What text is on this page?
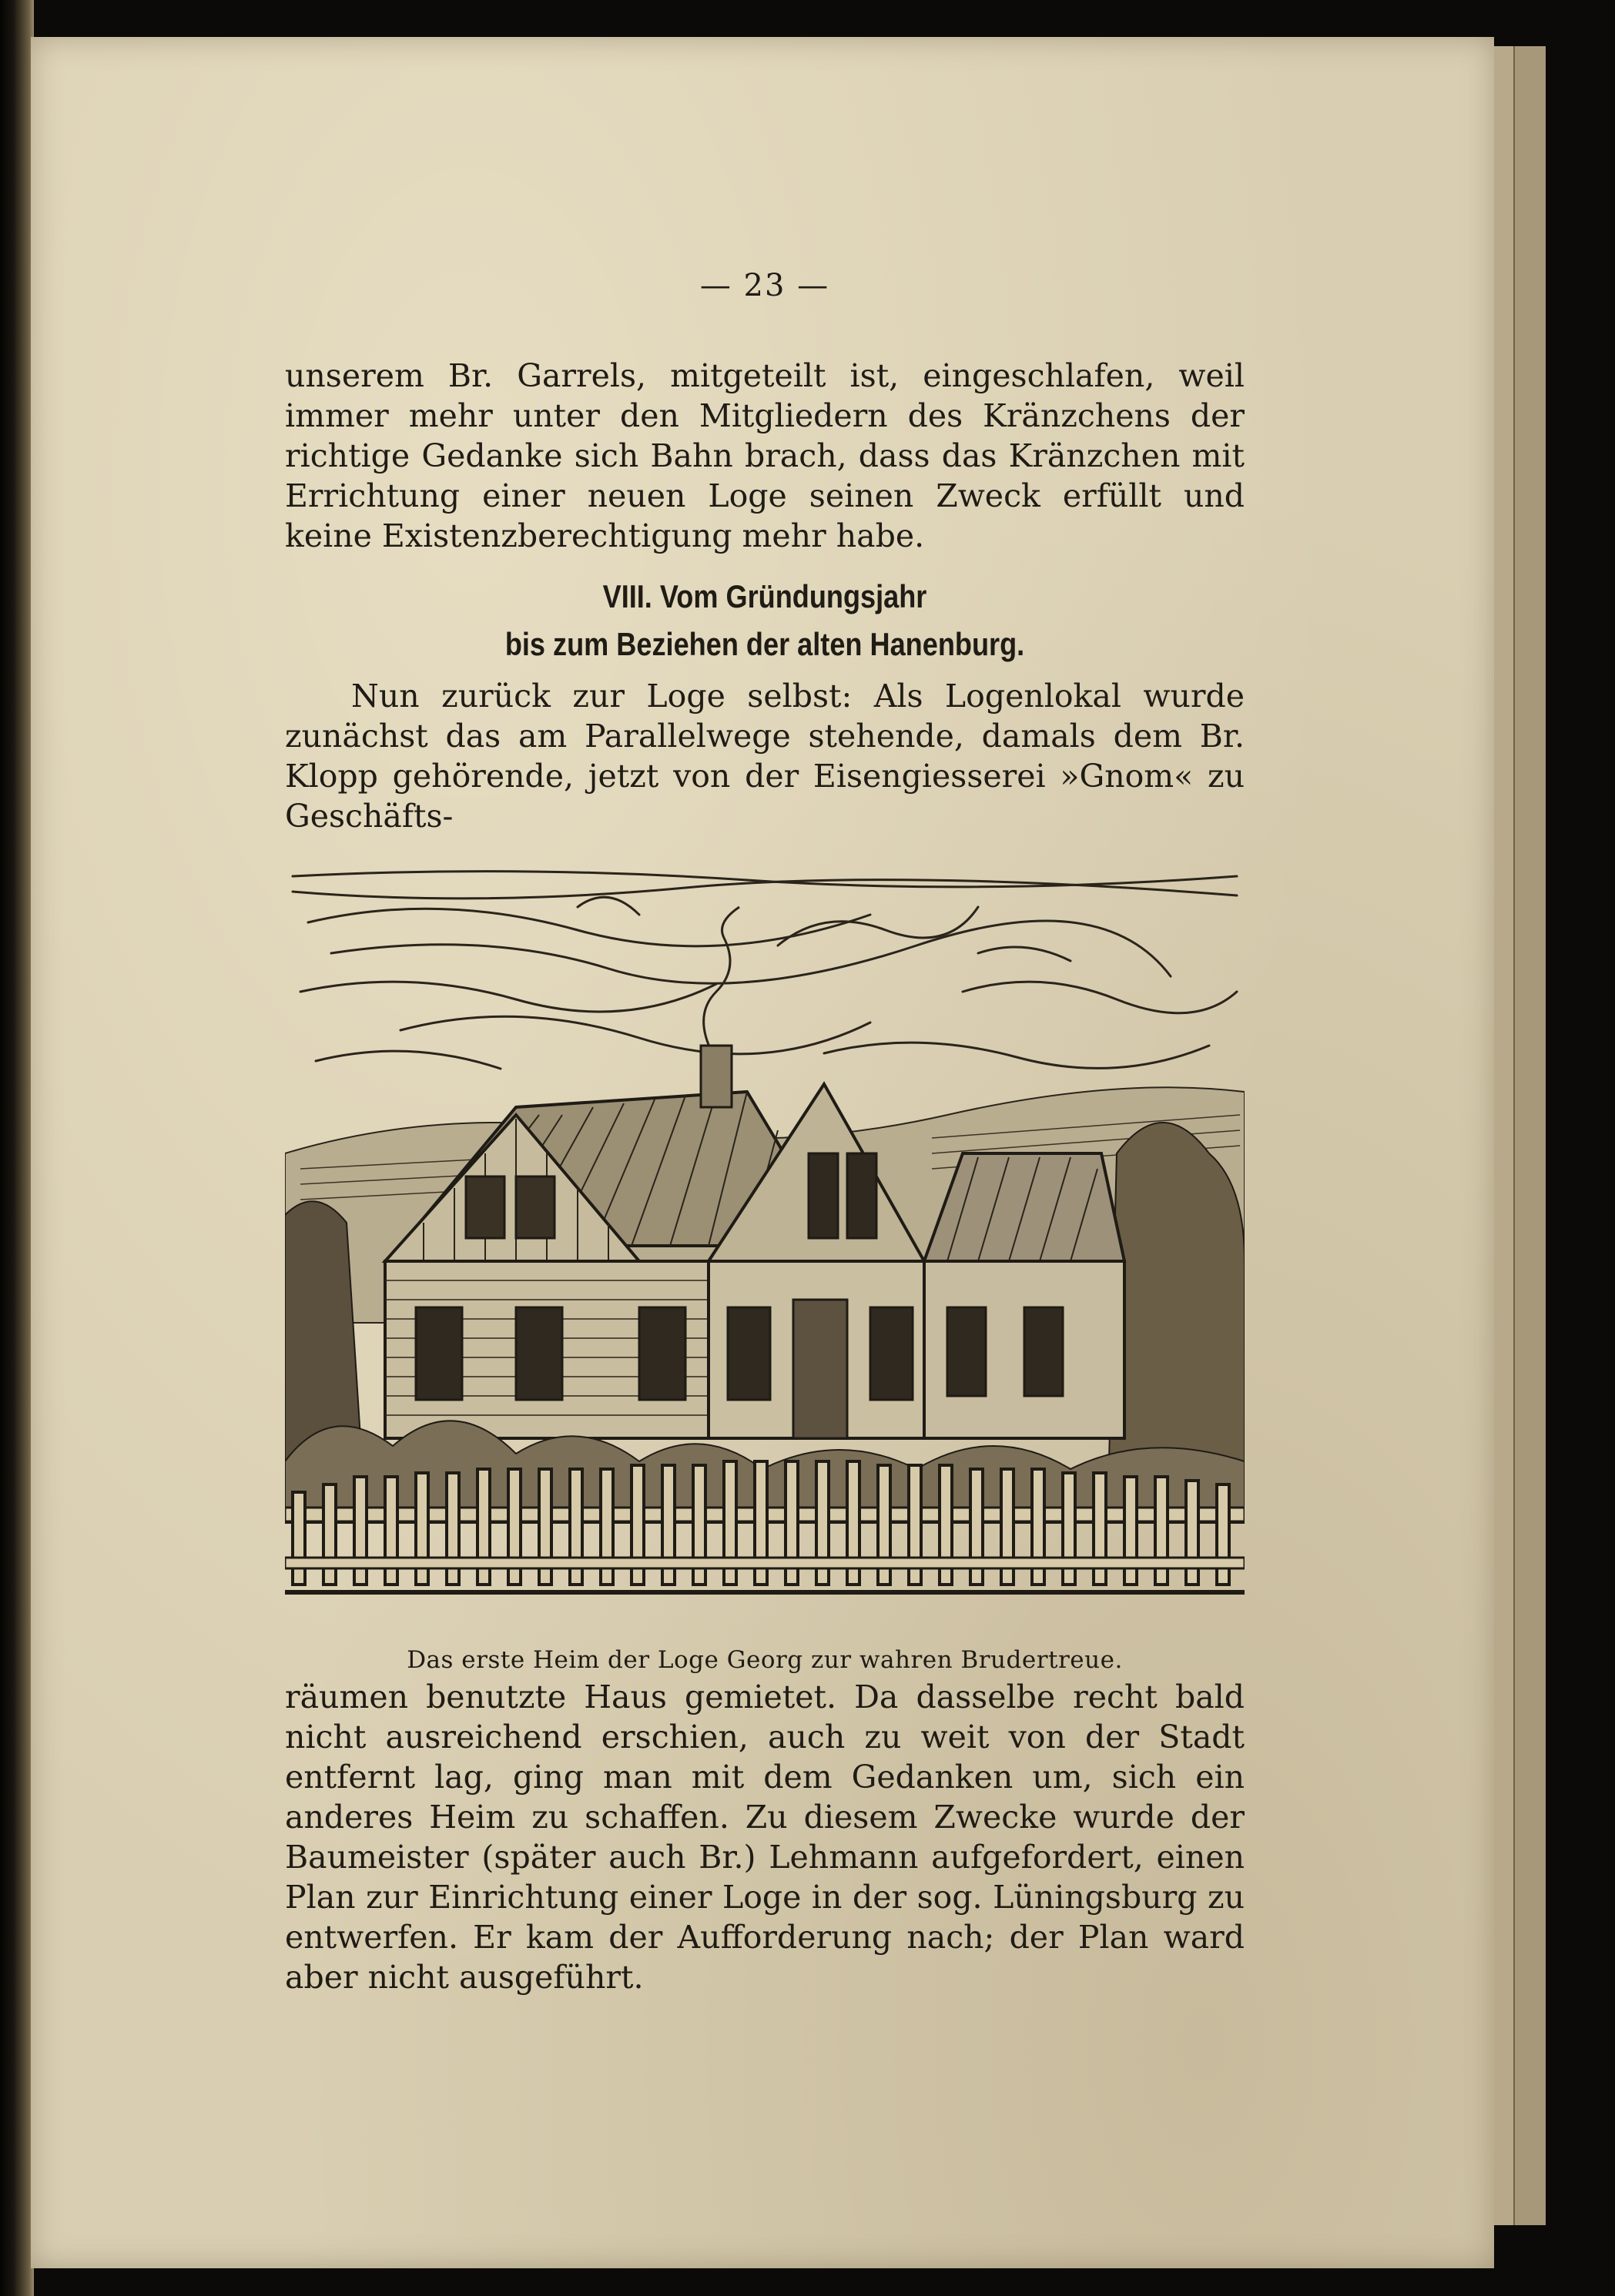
— 23 —

unserem Br. Garrels, mitgeteilt ist, eingeschlafen, weil immer mehr unter den Mitgliedern des Kränzchens der richtige Gedanke sich Bahn brach, dass das Kränzchen mit Errichtung einer neuen Loge seinen Zweck erfüllt und keine Existenzberechtigung mehr habe.

VIII. Vom Gründungsjahr
bis zum Beziehen der alten Hanenburg.

Nun zurück zur Loge selbst: Als Logenlokal wurde zunächst das am Parallelwege stehende, damals dem Br. Klopp gehörende, jetzt von der Eisengiesserei »Gnom« zu Geschäfts-

Das erste Heim der Loge Georg zur wahren Brudertreue.

räumen benutzte Haus gemietet. Da dasselbe recht bald nicht ausreichend erschien, auch zu weit von der Stadt entfernt lag, ging man mit dem Gedanken um, sich ein anderes Heim zu schaffen. Zu diesem Zwecke wurde der Baumeister (später auch Br.) Lehmann aufgefordert, einen Plan zur Einrichtung einer Loge in der sog. Lüningsburg zu entwerfen. Er kam der Aufforderung nach; der Plan ward aber nicht ausgeführt.
